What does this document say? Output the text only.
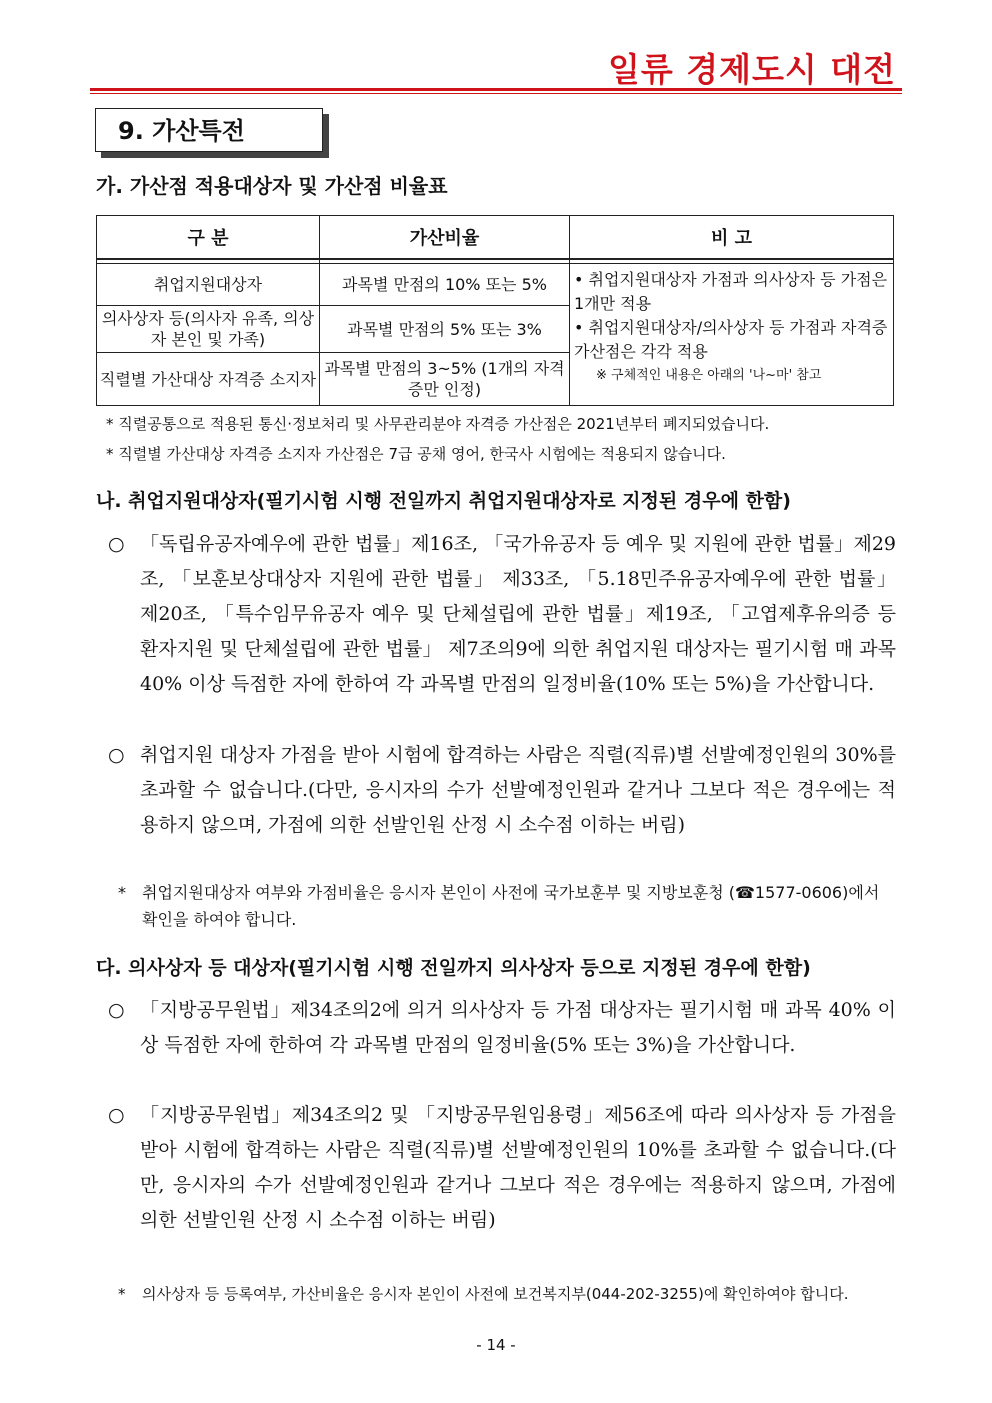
일류 경제도시 대전
9. 가산특전
가. 가산점 적용대상자 및 가산점 비율표
구 분	가산비율	비 고

취업지원대상자	과목별 만점의 10% 또는 5%	• 취업지원대상자 가점과 의사상자 등 가점은 1개만 적용
• 취업지원대상자/의사상자 등 가점과 자격증 가산점은 각각 적용
※ 구체적인 내용은 아래의 '나~마' 참고

의사상자 등(의사자 유족, 의상자 본인 및 가족)	과목별 만점의 5% 또는 3%	
직렬별 가산대상 자격증 소지자	과목별 만점의 3~5% (1개의 자격증만 인정)	
* 직렬공통으로 적용된 통신·정보처리 및 사무관리분야 자격증 가산점은 2021년부터 폐지되었습니다.
* 직렬별 가산대상 자격증 소지자 가산점은 7급 공채 영어, 한국사 시험에는 적용되지 않습니다.
나. 취업지원대상자(필기시험 시행 전일까지 취업지원대상자로 지정된 경우에 한함)
○ 「독립유공자예우에 관한 법률」제16조, 「국가유공자 등 예우 및 지원에 관한 법률」제29조, 「보훈보상대상자 지원에 관한 법률」 제33조, 「5.18민주유공자예우에 관한 법률」 제20조, 「특수임무유공자 예우 및 단체설립에 관한 법률」제19조, 「고엽제후유의증 등 환자지원 및 단체설립에 관한 법률」 제7조의9에 의한 취업지원 대상자는 필기시험 매 과목 40% 이상 득점한 자에 한하여 각 과목별 만점의 일정비율(10% 또는 5%)을 가산합니다.
○ 취업지원 대상자 가점을 받아 시험에 합격하는 사람은 직렬(직류)별 선발예정인원의 30%를 초과할 수 없습니다.(다만, 응시자의 수가 선발예정인원과 같거나 그보다 적은 경우에는 적용하지 않으며, 가점에 의한 선발인원 산정 시 소수점 이하는 버림)
* 취업지원대상자 여부와 가점비율은 응시자 본인이 사전에 국가보훈부 및 지방보훈청 (☎1577-0606)에서 확인을 하여야 합니다.
다. 의사상자 등 대상자(필기시험 시행 전일까지 의사상자 등으로 지정된 경우에 한함)
○ 「지방공무원법」제34조의2에 의거 의사상자 등 가점 대상자는 필기시험 매 과목 40% 이상 득점한 자에 한하여 각 과목별 만점의 일정비율(5% 또는 3%)을 가산합니다.
○ 「지방공무원법」제34조의2 및 「지방공무원임용령」제56조에 따라 의사상자 등 가점을 받아 시험에 합격하는 사람은 직렬(직류)별 선발예정인원의 10%를 초과할 수 없습니다.(다만, 응시자의 수가 선발예정인원과 같거나 그보다 적은 경우에는 적용하지 않으며, 가점에 의한 선발인원 산정 시 소수점 이하는 버림)
* 의사상자 등 등록여부, 가산비율은 응시자 본인이 사전에 보건복지부(044-202-3255)에 확인하여야 합니다.
- 14 -
